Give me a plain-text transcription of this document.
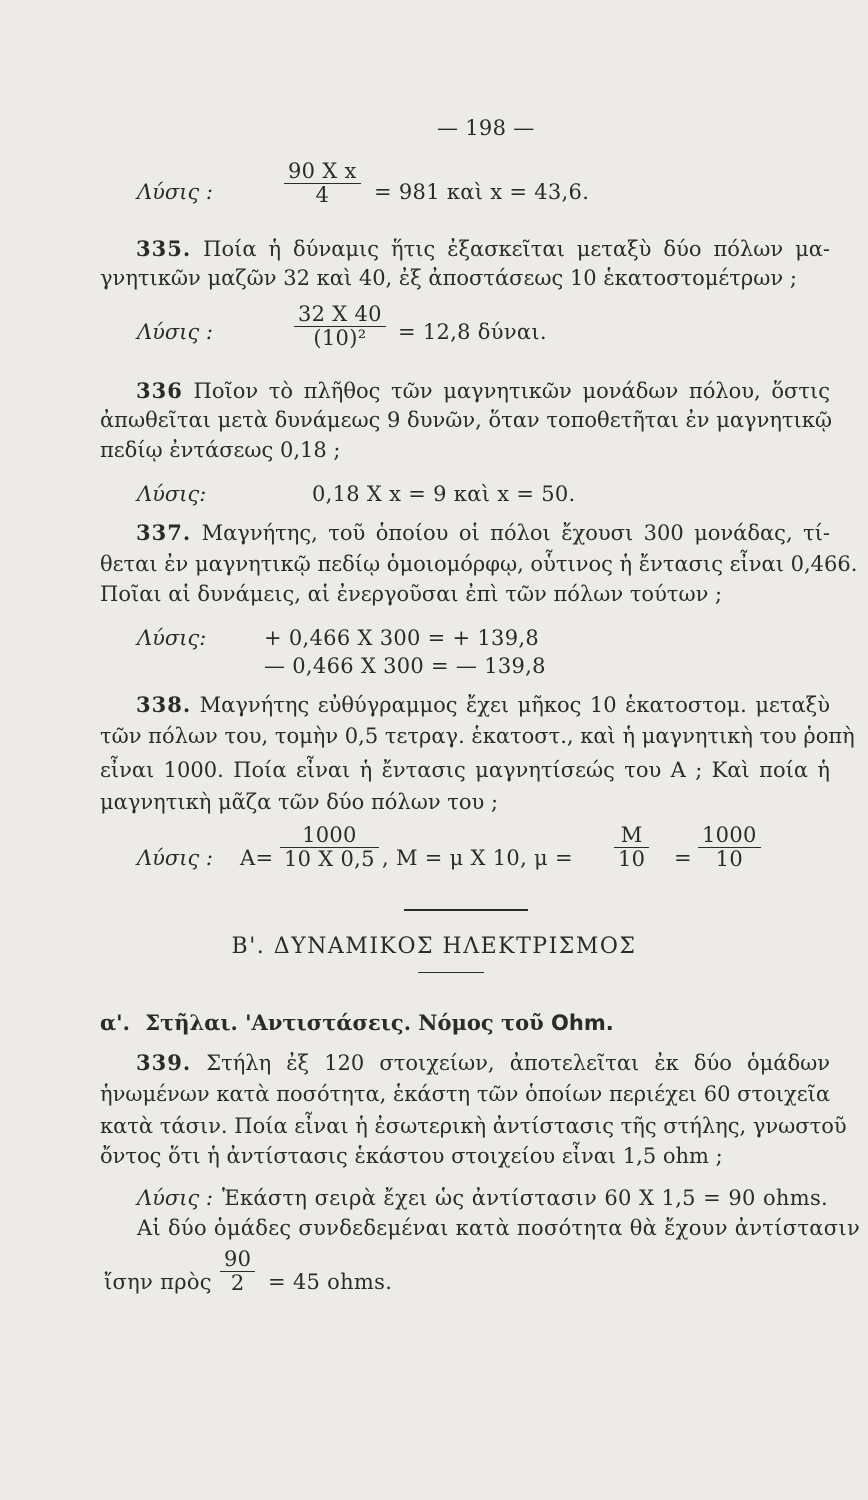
— 198 —
Λύσις :	$\frac{\text{90 X x}}{4} = 981$ καὶ x = 43,6.
335. Ποία ἡ δύναμις ἥτις ἐξασκεῖται μεταξὺ δύο πόλων μα-
γνητικῶν μαζῶν 32 καὶ 40, ἐξ ἀποστάσεως 10 ἑκατοστομέτρων ;
Λύσις :	$\frac{32 X 40}{\text{(10)²}} = 12,8$ δύναι.
336 Ποῖον τὸ πλῆθος τῶν μαγνητικῶν μονάδων πόλου, ὅστις
ἀπωθεῖται μετὰ δυνάμεως 9 δυνῶν, ὅταν τοποθετῆται ἐν μαγνητικῷ
πεδίῳ ἐντάσεως 0,18 ;
Λύσις:	0,18 X x = 9 καὶ x = 50.
337. Μαγνήτης, τοῦ ὁποίου οἱ πόλοι ἔχουσι 300 μονάδας, τί-
θεται ἐν μαγνητικῷ πεδίῳ ὁμοιομόρφῳ, οὗτινος ἡ ἔντασις εἶναι 0,466.
Ποῖαι αἱ δυνάμεις, αἱ ἐνεργοῦσαι ἐπὶ τῶν πόλων τούτων ;
Λύσις:	+ 0,466 X 300 = + 139,8
— 0,466 X 300 = — 139,8
338. Μαγνήτης εὐθύγραμμος ἔχει μῆκος 10 ἑκατοστομ. μεταξὺ
τῶν πόλων του, τομὴν 0,5 τετραγ. ἑκατοστ., καὶ ἡ μαγνητικὴ του ῥοπὴ
εἶναι 1000. Ποία εἶναι ἡ ἔντασις μαγνητίσεώς του Α ; Καὶ ποία ἡ
μαγνητικὴ μᾶζα τῶν δύο πόλων του ;
Λύσις : $A= \frac{1000}{10 X 0,5}$ , Μ = μ X 10, $\mu = \frac{M}{10} = \frac{1000}{10}$
Β'. ΔΥΝΑΜΙΚΟΣ ΗΛΕΚΤΡΙΣΜΟΣ
α'. Στῆλαι. 'Αντιστάσεις. Νόμος τοῦ Ohm.
339. Στήλη ἐξ 120 στοιχείων, ἀποτελεῖται ἐκ δύο ὁμάδων
ἡνωμένων κατὰ ποσότητα, ἑκάστη τῶν ὁποίων περιέχει 60 στοιχεῖα
κατὰ τάσιν. Ποία εἶναι ἡ ἐσωτερικὴ ἀντίστασις τῆς στήλης, γνωστοῦ
ὄντος ὅτι ἡ ἀντίστασις ἑκάστου στοιχείου εἶναι 1,5 ohm ;
Λύσις : Ἑκάστη σειρὰ ἔχει ὡς ἀντίστασιν 60 X 1,5 = 90 ohms.
Αἱ δύο ὁμάδες συνδεδεμέναι κατὰ ποσότητα θὰ ἔχουν ἀντίστασιν
ἴσην πρὸς $\frac{90}{2} = 45$ ohms.
